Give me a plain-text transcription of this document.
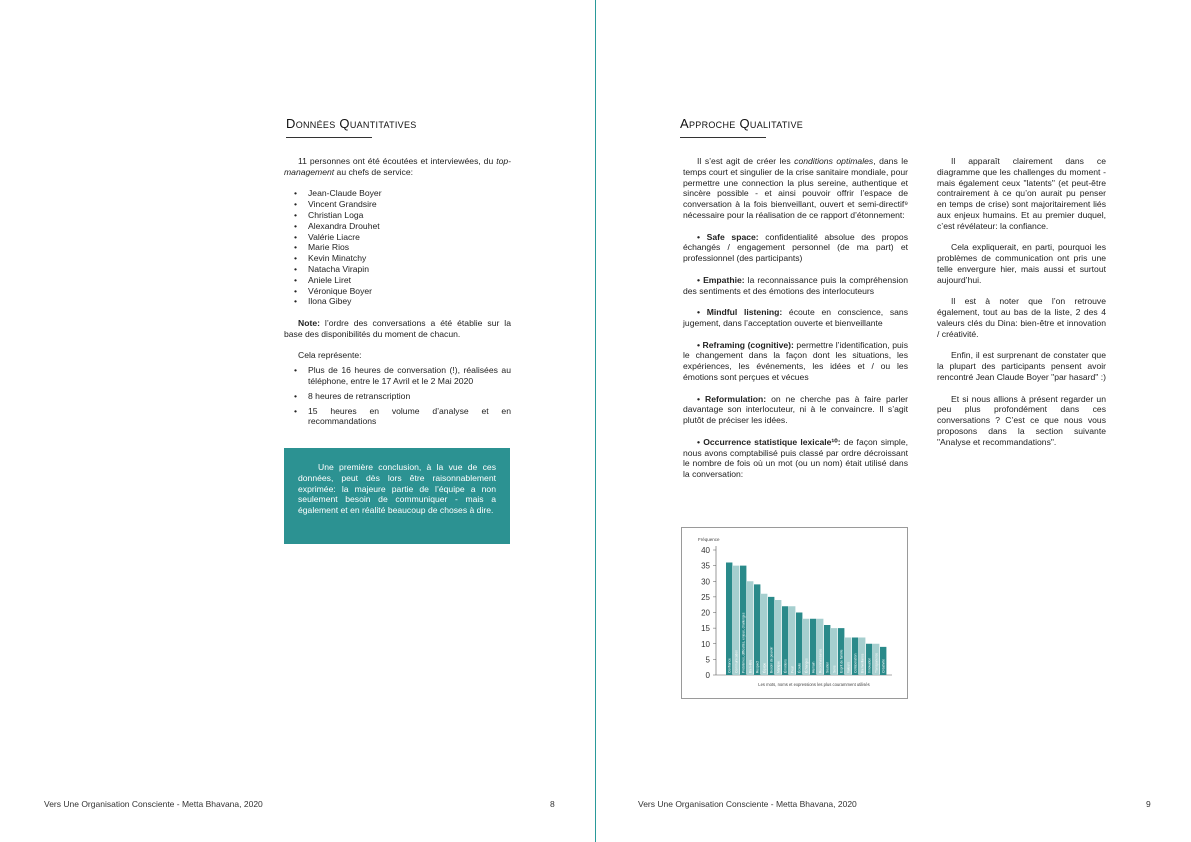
Données Quantitatives

11 personnes ont été écoutées et interviewées, du top-management au chefs de service:

• Jean-Claude Boyer
• Vincent Grandsire
• Christian Loga
• Alexandra Drouhet
• Valérie Liacre
• Marie Rios
• Kevin Minatchy
• Natacha Virapin
• Aniele Liret
• Véronique Boyer
• Ilona Gibey

Note: l’ordre des conversations a été établie sur la base des disponibilités du moment de chacun.

Cela représente:

• Plus de 16 heures de conversation (!), réalisées au téléphone, entre le 17 Avril et le 2 Mai 2020
• 8 heures de retranscription
• 15 heures en volume d’analyse et en recommandations
Une première conclusion, à la vue de ces données, peut dès lors être raisonnablement exprimée: la majeure partie de l’équipe a non seulement besoin de communiquer - mais a également et en réalité beaucoup de choses à dire.
Vers Une Organisation Consciente - Metta Bhavana, 2020	8
Approche Qualitative

Il s’est agit de créer les conditions optimales, dans le temps court et singulier de la crise sanitaire mondiale, pour permettre une connection la plus sereine, authentique et sincère possible - et ainsi pouvoir offrir l’espace de conversation à la fois bienveillant, ouvert et semi-directif⁹ nécessaire pour la réalisation de ce rapport d’étonnement:

• Safe space: confidentialité absolue des propos échangés / engagement personnel (de ma part) et professionnel (des participants)

• Empathie: la reconnaissance puis la compréhension des sentiments et des émotions des interlocuteurs

• Mindful listening: écoute en conscience, sans jugement, dans l’acceptation ouverte et bienveillante

• Reframing (cognitive): permettre l’identification, puis le changement dans la façon dont les situations, les expériences, les événements, les idées et / ou les émotions sont perçues et vécues

• Reformulation: on ne cherche pas à faire parler davantage son interlocuteur, ni à le convaincre. Il s’agit plutôt de préciser les idées.

• Occurrence statistique lexicale¹⁰: de façon simple, nous avons comptabilisé puis classé par ordre décroissant le nombre de fois où un mot (ou un nom) était utilisé dans la conversation:

Il apparaît clairement dans ce diagramme que les challenges du moment - mais également ceux "latents" (et peut-être contrairement à ce qu’on aurait pu penser en temps de crise) sont majoritairement liés aux enjeux humains. Et au premier duquel, c’est révélateur: la confiance.

Cela expliquerait, en parti, pourquoi les problèmes de communication ont pris une telle envergure hier, mais aussi et surtout aujourd’hui.

Il est à noter que l’on retrouve également, tout au bas de la liste, 2 des 4 valeurs clés du Dina: bien-être et innovation / créativité.

Enfin, il est surprenant de constater que la plupart des participants pensent avoir rencontré Jean Claude Boyer "par hasard" :)

Et si nous allions à présent regarder un peu plus profondément dans ces conversations ? C’est ce que nous vous proposons dans la section suivante "Analyse et recommandations".

Fréquence
0
5
10
15
20
25
30
35
40
Confiance Communication Problèmes, difficultés, enjeux, challenges Bien-être Respect Équipe Besoin de pouvoir Manque Émotions Peur Écoute Échanges Humain Reconnaissance Soutien Sens Esprit de famille Valeurs Collaboration Bienveillance Innovation Transparence Créativité
Les mots, noms et expressions les plus couramment utilisés
Vers Une Organisation Consciente - Metta Bhavana, 2020	9
